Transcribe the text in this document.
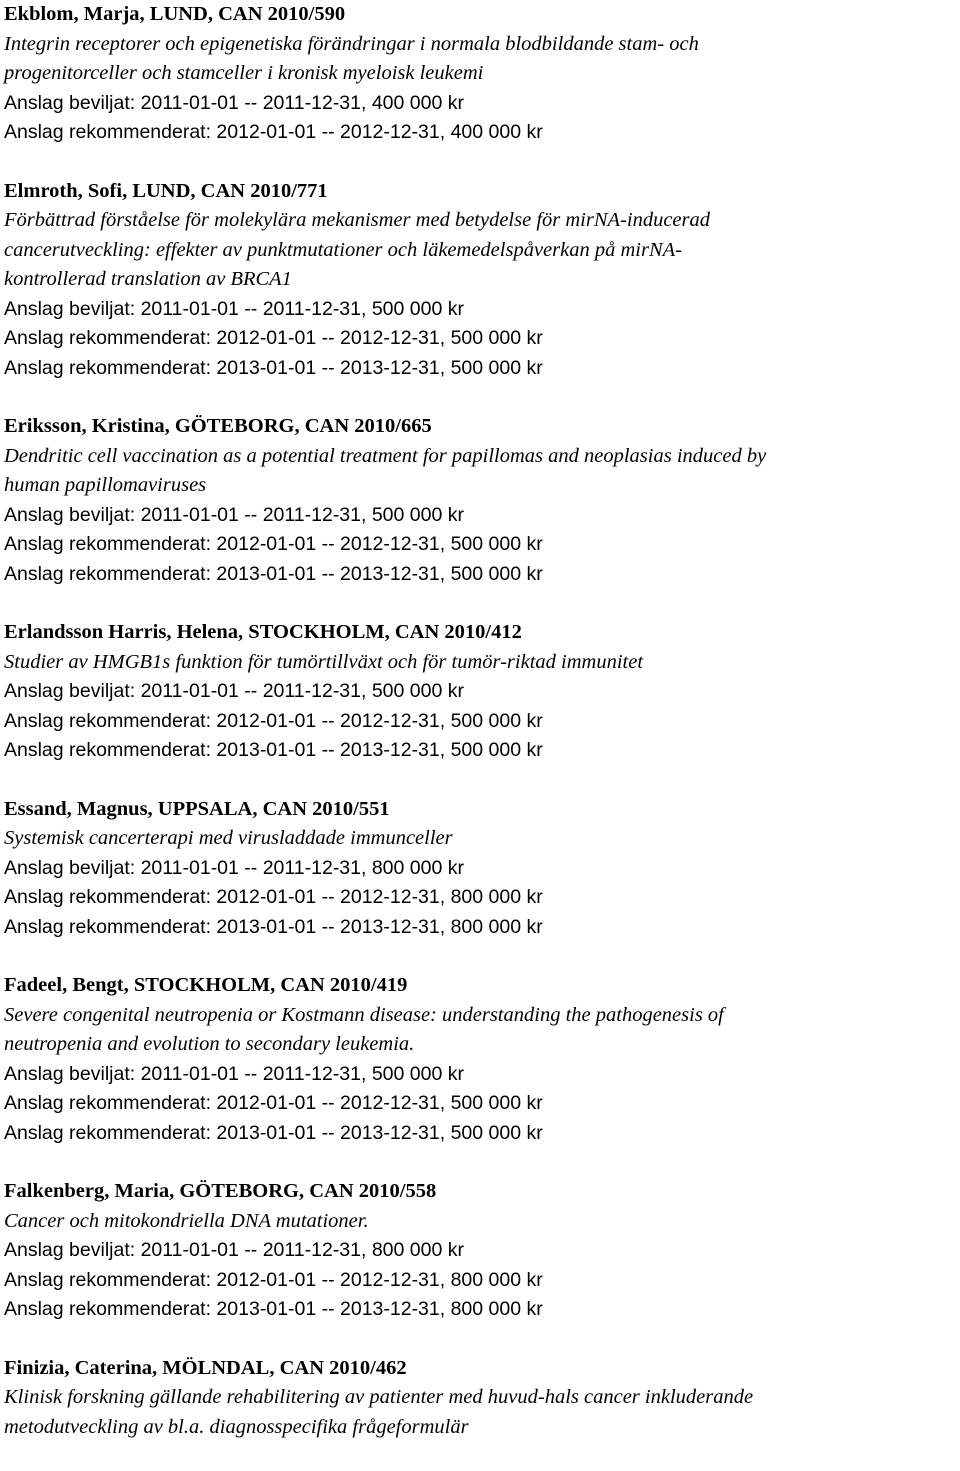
Ekblom, Marja, LUND, CAN 2010/590
Integrin receptorer och epigenetiska förändringar i normala blodbildande stam- och
progenitorceller och stamceller i kronisk myeloisk leukemi
Anslag beviljat: 2011-01-01 -- 2011-12-31, 400 000 kr
Anslag rekommenderat: 2012-01-01 -- 2012-12-31, 400 000 kr
Elmroth, Sofi, LUND, CAN 2010/771
Förbättrad förståelse för molekylära mekanismer med betydelse för mirNA-inducerad
cancerutveckling: effekter av punktmutationer och läkemedelspåverkan på mirNA-
kontrollerad translation av BRCA1
Anslag beviljat: 2011-01-01 -- 2011-12-31, 500 000 kr
Anslag rekommenderat: 2012-01-01 -- 2012-12-31, 500 000 kr
Anslag rekommenderat: 2013-01-01 -- 2013-12-31, 500 000 kr
Eriksson, Kristina, GÖTEBORG, CAN 2010/665
Dendritic cell vaccination as a potential treatment for papillomas and neoplasias induced by
human papillomaviruses
Anslag beviljat: 2011-01-01 -- 2011-12-31, 500 000 kr
Anslag rekommenderat: 2012-01-01 -- 2012-12-31, 500 000 kr
Anslag rekommenderat: 2013-01-01 -- 2013-12-31, 500 000 kr
Erlandsson Harris, Helena, STOCKHOLM, CAN 2010/412
Studier av HMGB1s funktion för tumörtillväxt och för tumör-riktad immunitet
Anslag beviljat: 2011-01-01 -- 2011-12-31, 500 000 kr
Anslag rekommenderat: 2012-01-01 -- 2012-12-31, 500 000 kr
Anslag rekommenderat: 2013-01-01 -- 2013-12-31, 500 000 kr
Essand, Magnus, UPPSALA, CAN 2010/551
Systemisk cancerterapi med virusladdade immunceller
Anslag beviljat: 2011-01-01 -- 2011-12-31, 800 000 kr
Anslag rekommenderat: 2012-01-01 -- 2012-12-31, 800 000 kr
Anslag rekommenderat: 2013-01-01 -- 2013-12-31, 800 000 kr
Fadeel, Bengt, STOCKHOLM, CAN 2010/419
Severe congenital neutropenia or Kostmann disease: understanding the pathogenesis of
neutropenia and evolution to secondary leukemia.
Anslag beviljat: 2011-01-01 -- 2011-12-31, 500 000 kr
Anslag rekommenderat: 2012-01-01 -- 2012-12-31, 500 000 kr
Anslag rekommenderat: 2013-01-01 -- 2013-12-31, 500 000 kr
Falkenberg, Maria, GÖTEBORG, CAN 2010/558
Cancer och mitokondriella DNA mutationer.
Anslag beviljat: 2011-01-01 -- 2011-12-31, 800 000 kr
Anslag rekommenderat: 2012-01-01 -- 2012-12-31, 800 000 kr
Anslag rekommenderat: 2013-01-01 -- 2013-12-31, 800 000 kr
Finizia, Caterina, MÖLNDAL, CAN 2010/462
Klinisk forskning gällande rehabilitering av patienter med huvud-hals cancer inkluderande
metodutveckling av bl.a. diagnosspecifika frågeformulär
